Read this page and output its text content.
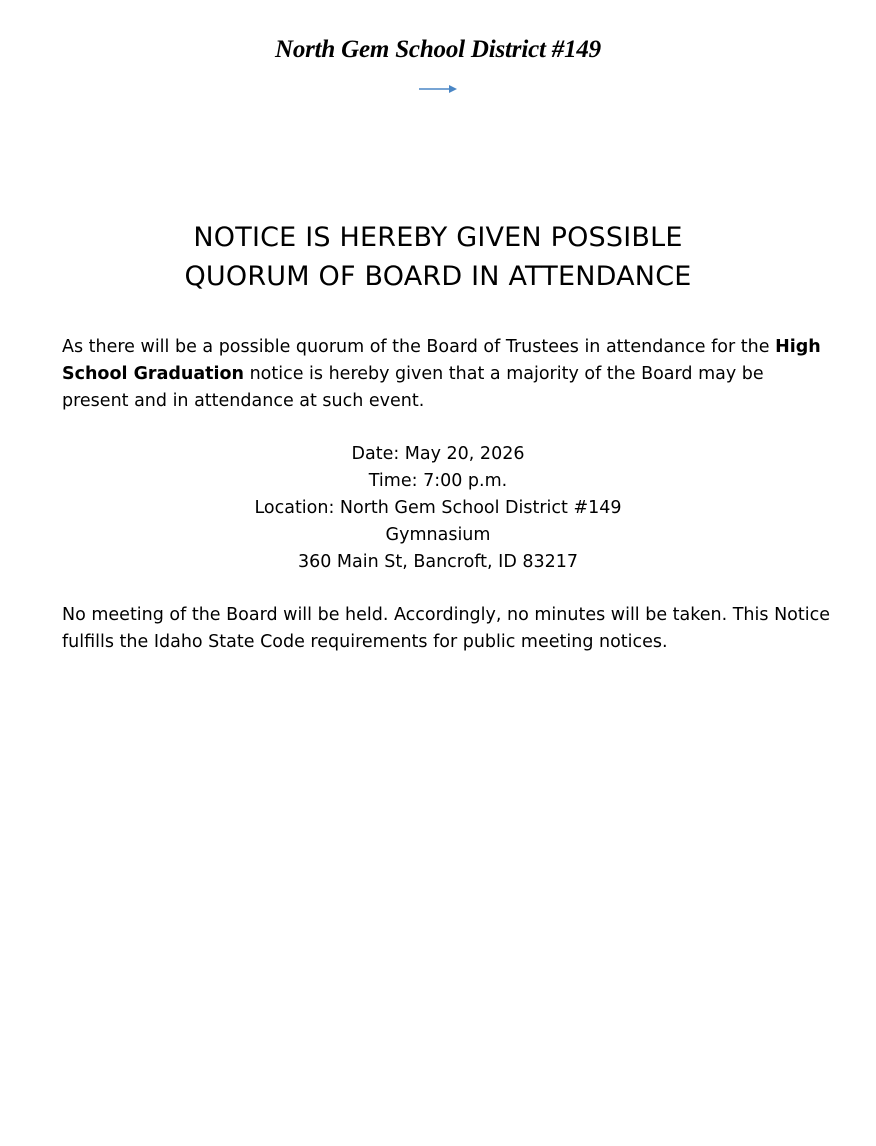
North Gem School District #149
NOTICE IS HEREBY GIVEN POSSIBLE
QUORUM OF BOARD IN ATTENDANCE
As there will be a possible quorum of the Board of Trustees in attendance for the High School Graduation notice is hereby given that a majority of the Board may be present and in attendance at such event.
Date: May 20, 2026
Time: 7:00 p.m.
Location: North Gem School District #149
Gymnasium
360 Main St, Bancroft, ID 83217
No meeting of the Board will be held. Accordingly, no minutes will be taken. This Notice fulfills the Idaho State Code requirements for public meeting notices.
